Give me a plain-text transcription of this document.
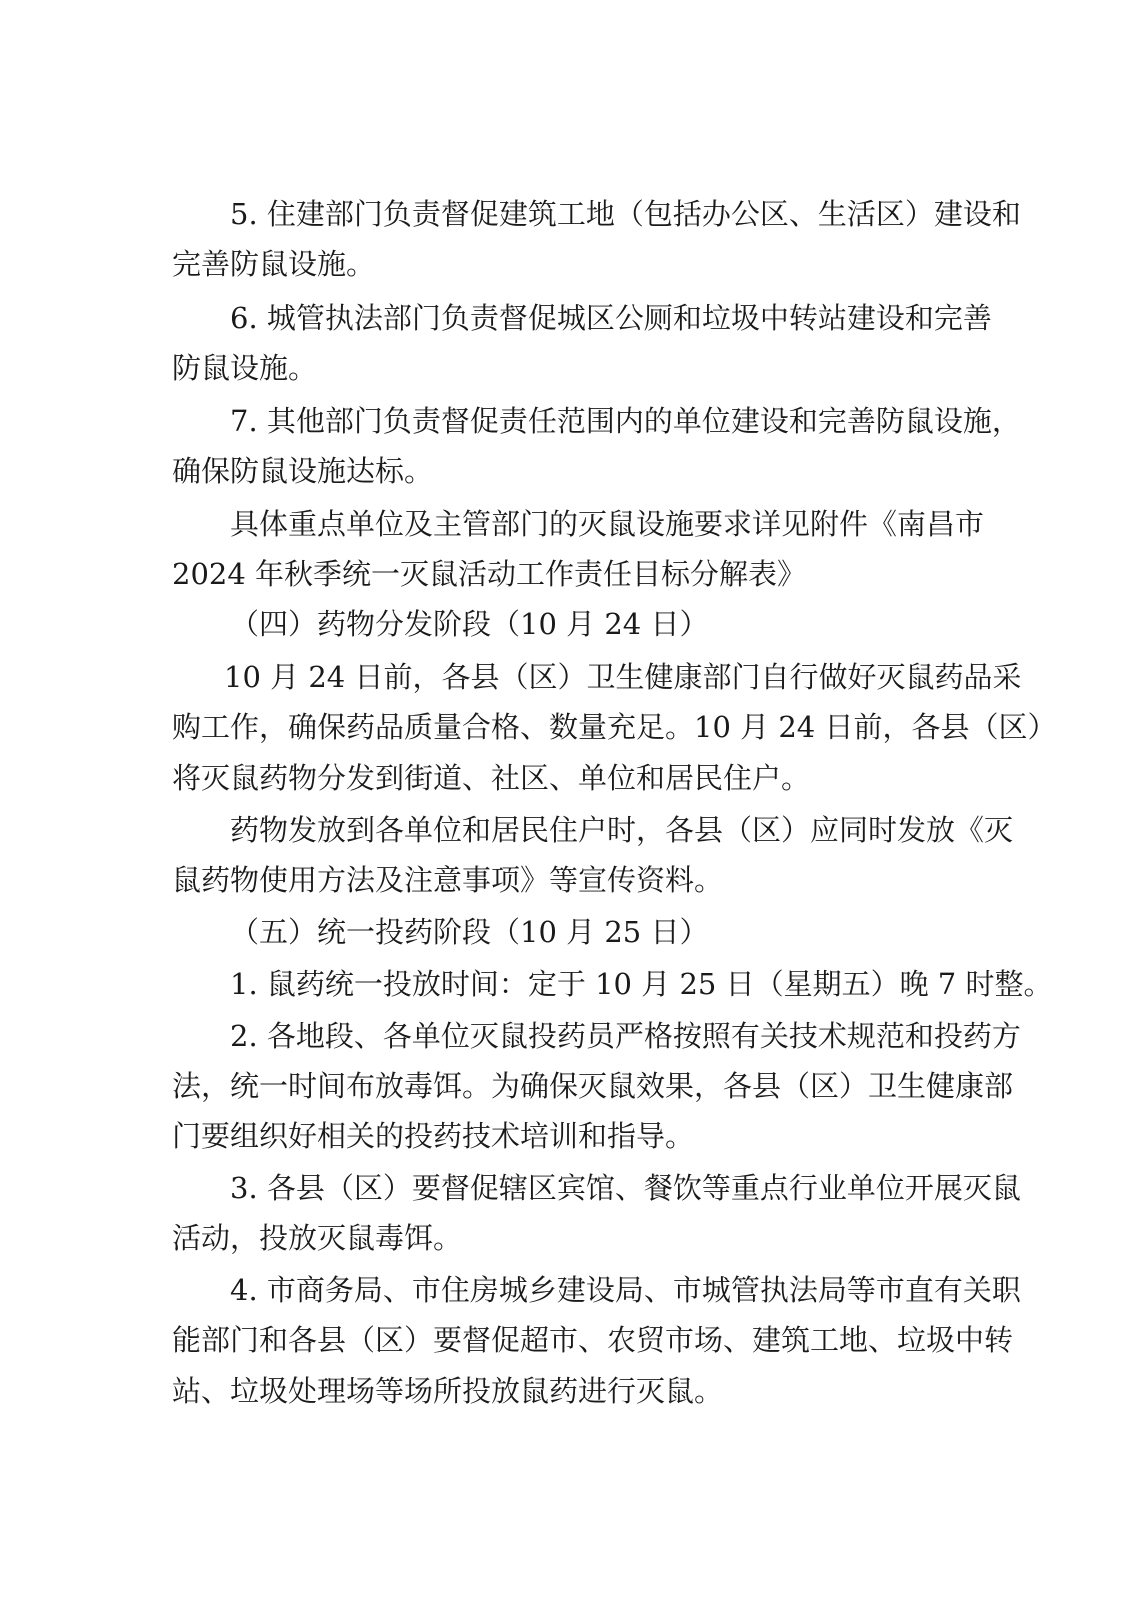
5. 住建部门负责督促建筑工地（包括办公区、生活区）建设和

完善防鼠设施。

6. 城管执法部门负责督促城区公厕和垃圾中转站建设和完善

防鼠设施。

7. 其他部门负责督促责任范围内的单位建设和完善防鼠设施，

确保防鼠设施达标。

具体重点单位及主管部门的灭鼠设施要求详见附件《南昌市

2024 年秋季统一灭鼠活动工作责任目标分解表》

（四）药物分发阶段（10 月 24 日）

10 月 24 日前，各县（区）卫生健康部门自行做好灭鼠药品采

购工作，确保药品质量合格、数量充足。10 月 24 日前，各县（区）

将灭鼠药物分发到街道、社区、单位和居民住户。

药物发放到各单位和居民住户时，各县（区）应同时发放《灭

鼠药物使用方法及注意事项》等宣传资料。

（五）统一投药阶段（10 月 25 日）

1. 鼠药统一投放时间：定于 10 月 25 日（星期五）晚 7 时整。

2. 各地段、各单位灭鼠投药员严格按照有关技术规范和投药方

法，统一时间布放毒饵。为确保灭鼠效果，各县（区）卫生健康部

门要组织好相关的投药技术培训和指导。

3. 各县（区）要督促辖区宾馆、餐饮等重点行业单位开展灭鼠

活动，投放灭鼠毒饵。

4. 市商务局、市住房城乡建设局、市城管执法局等市直有关职

能部门和各县（区）要督促超市、农贸市场、建筑工地、垃圾中转

站、垃圾处理场等场所投放鼠药进行灭鼠。
